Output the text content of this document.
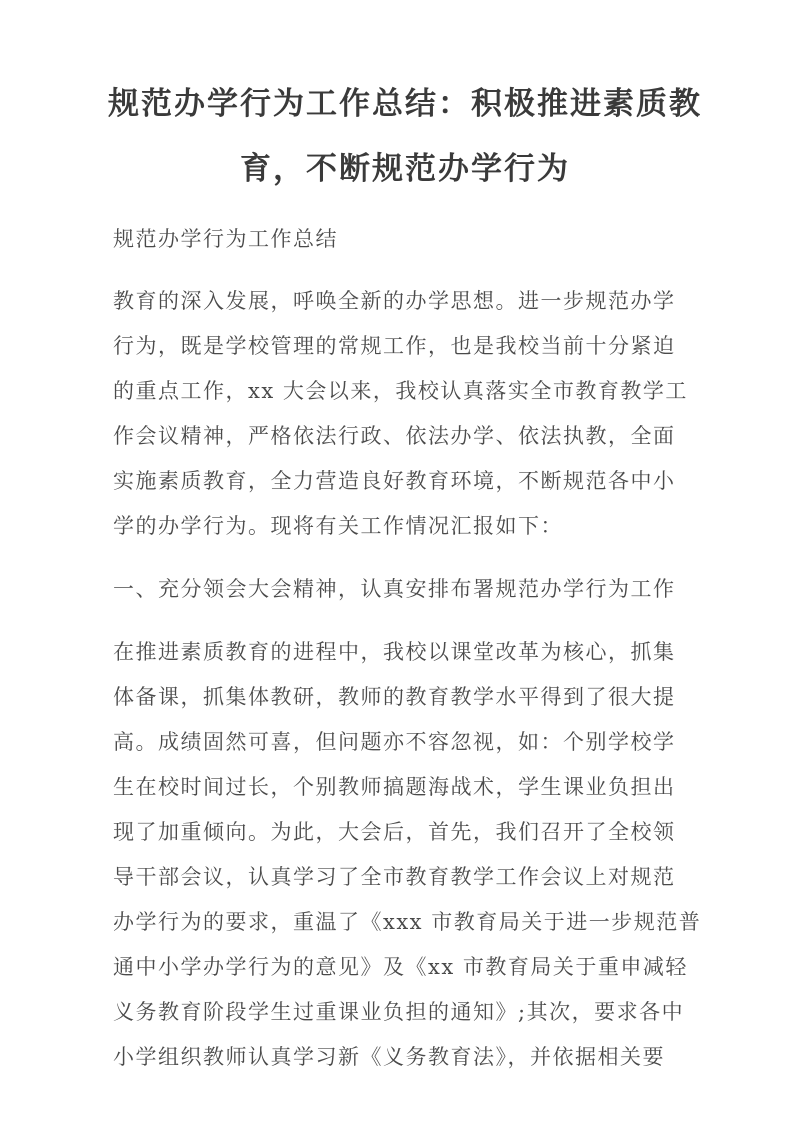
规范办学行为工作总结：积极推进素质教
育，不断规范办学行为

规范办学行为工作总结

教育的深入发展，呼唤全新的办学思想。进一步规范办学

行为，既是学校管理的常规工作，也是我校当前十分紧迫

的重点工作，xx 大会以来，我校认真落实全市教育教学工

作会议精神，严格依法行政、依法办学、依法执教，全面

实施素质教育，全力营造良好教育环境，不断规范各中小

学的办学行为。现将有关工作情况汇报如下：

一、充分领会大会精神，认真安排布署规范办学行为工作

在推进素质教育的进程中，我校以课堂改革为核心，抓集

体备课，抓集体教研，教师的教育教学水平得到了很大提

高。成绩固然可喜，但问题亦不容忽视，如：个别学校学

生在校时间过长，个别教师搞题海战术，学生课业负担出

现了加重倾向。为此，大会后，首先，我们召开了全校领

导干部会议，认真学习了全市教育教学工作会议上对规范

办学行为的要求，重温了《xxx 市教育局关于进一步规范普

通中小学办学行为的意见》及《xx 市教育局关于重申减轻

义务教育阶段学生过重课业负担的通知》;其次，要求各中

小学组织教师认真学习新《义务教育法》，并依据相关要
